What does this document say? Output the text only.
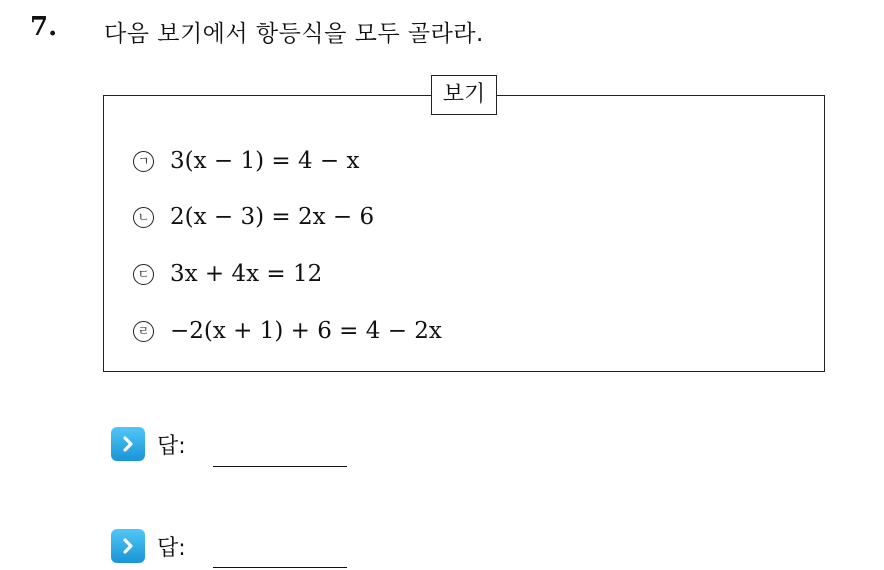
7. 다음 보기에서 항등식을 모두 골라라.
보기
ㄱ 3(x − 1) = 4 − x
ㄴ 2(x − 3) = 2x − 6
ㄷ 3x + 4x = 12
ㄹ −2(x + 1) + 6 = 4 − 2x
답:
답:
